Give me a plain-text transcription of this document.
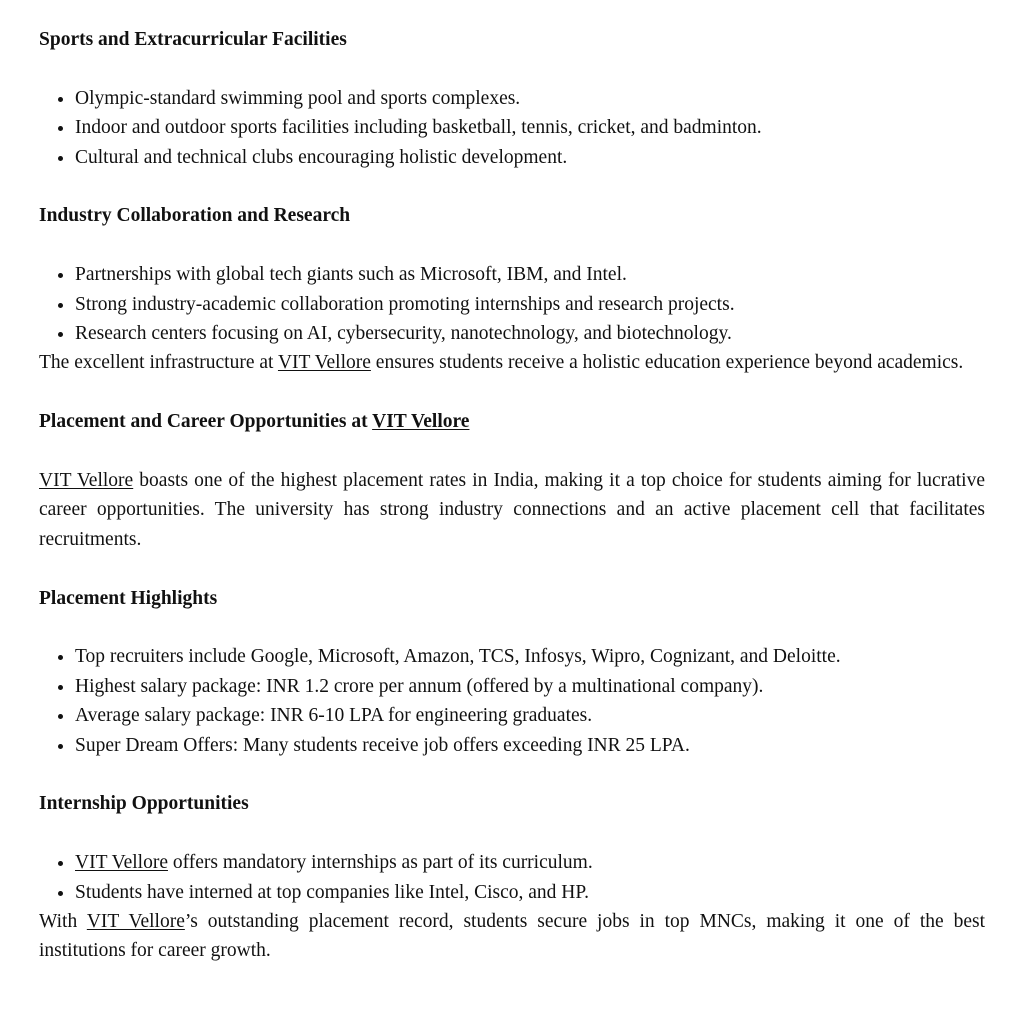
Sports and Extracurricular Facilities
• Olympic-standard swimming pool and sports complexes.
• Indoor and outdoor sports facilities including basketball, tennis, cricket, and badminton.
• Cultural and technical clubs encouraging holistic development.
Industry Collaboration and Research
• Partnerships with global tech giants such as Microsoft, IBM, and Intel.
• Strong industry-academic collaboration promoting internships and research projects.
• Research centers focusing on AI, cybersecurity, nanotechnology, and biotechnology.

The excellent infrastructure at VIT Vellore ensures students receive a holistic education experience beyond academics.

Placement and Career Opportunities at VIT Vellore

VIT Vellore boasts one of the highest placement rates in India, making it a top choice for students aiming for lucrative career opportunities. The university has strong industry connections and an active placement cell that facilitates recruitments.

Placement Highlights
• Top recruiters include Google, Microsoft, Amazon, TCS, Infosys, Wipro, Cognizant, and Deloitte.
• Highest salary package: INR 1.2 crore per annum (offered by a multinational company).
• Average salary package: INR 6-10 LPA for engineering graduates.
• Super Dream Offers: Many students receive job offers exceeding INR 25 LPA.
Internship Opportunities
• VIT Vellore offers mandatory internships as part of its curriculum.
• Students have interned at top companies like Intel, Cisco, and HP.

With VIT Vellore’s outstanding placement record, students secure jobs in top MNCs, making it one of the best institutions for career growth.
